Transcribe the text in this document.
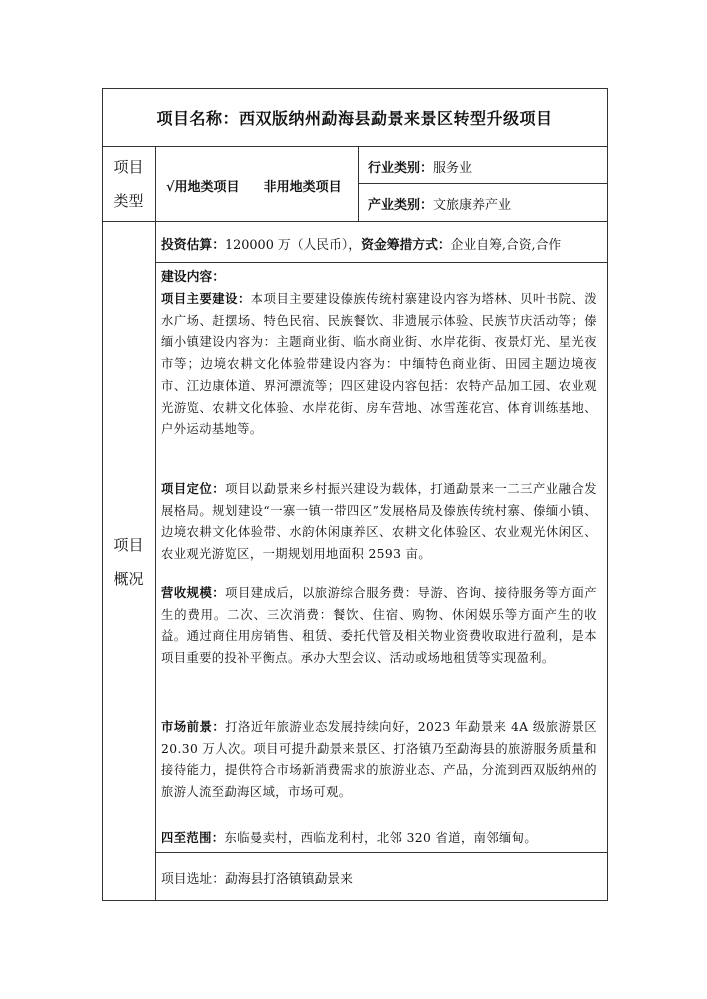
项目名称：西双版纳州勐海县勐景来景区转型升级项目
项目
类型
√用地类项目 非用地类项目
行业类别：服务业
产业类别：文旅康养产业
项目
概况
投资估算：120000 万（人民币），资金筹措方式：企业自筹,合资,合作
建设内容：
项目主要建设：本项目主要建设傣族传统村寨建设内容为塔林、贝叶书院、泼水广场、赶摆场、特色民宿、民族餐饮、非遗展示体验、民族节庆活动等；傣缅小镇建设内容为：主题商业街、临水商业街、水岸花街、夜景灯光、星光夜市等；边境农耕文化体验带建设内容为：中缅特色商业街、田园主题边境夜市、江边康体道、界河漂流等；四区建设内容包括：农特产品加工园、农业观光游览、农耕文化体验、水岸花街、房车营地、冰雪莲花宫、体育训练基地、户外运动基地等。
项目定位：项目以勐景来乡村振兴建设为载体，打通勐景来一二三产业融合发展格局。规划建设“一寨一镇一带四区”发展格局及傣族传统村寨、傣缅小镇、边境农耕文化体验带、水韵休闲康养区、农耕文化体验区、农业观光休闲区、农业观光游览区，一期规划用地面积 2593 亩。
营收规模：项目建成后，以旅游综合服务费：导游、咨询、接待服务等方面产生的费用。二次、三次消费：餐饮、住宿、购物、休闲娱乐等方面产生的收益。通过商住用房销售、租赁、委托代管及相关物业资费收取进行盈利，是本项目重要的投补平衡点。承办大型会议、活动或场地租赁等实现盈利。
市场前景：打洛近年旅游业态发展持续向好，2023 年勐景来 4A 级旅游景区 20.30 万人次。项目可提升勐景来景区、打洛镇乃至勐海县的旅游服务质量和接待能力，提供符合市场新消费需求的旅游业态、产品，分流到西双版纳州的旅游人流至勐海区域，市场可观。
四至范围：东临曼卖村，西临龙利村，北邻 320 省道，南邻缅甸。
项目选址：勐海县打洛镇镇勐景来
